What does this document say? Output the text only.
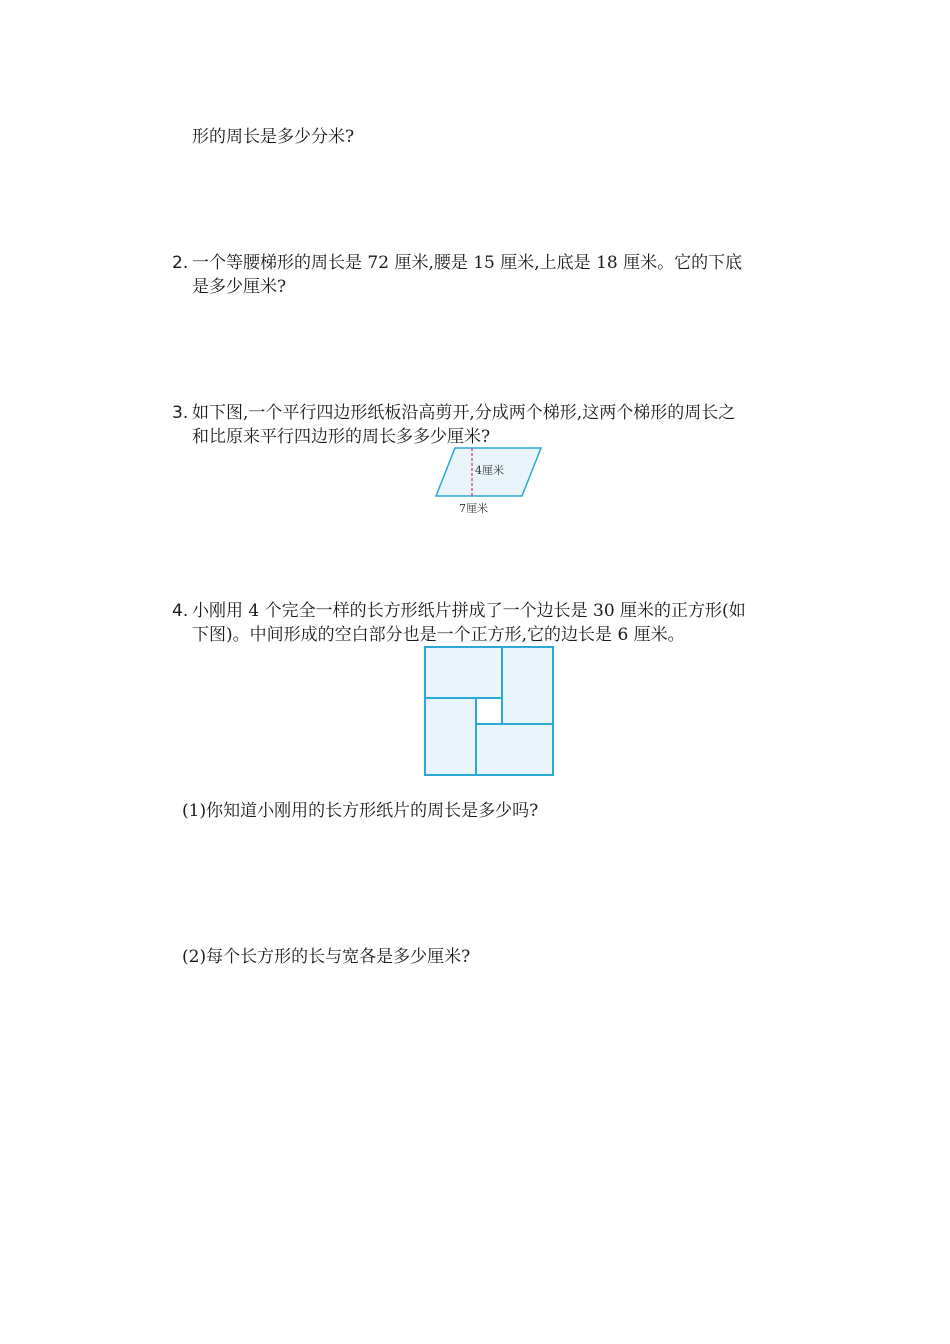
形的周长是多少分米?
2. 一个等腰梯形的周长是 72 厘米,腰是 15 厘米,上底是 18 厘米。它的下底
是多少厘米?
3. 如下图,一个平行四边形纸板沿高剪开,分成两个梯形,这两个梯形的周长之
和比原来平行四边形的周长多多少厘米?
4厘米
7厘米
4. 小刚用 4 个完全一样的长方形纸片拼成了一个边长是 30 厘米的正方形(如
下图)。中间形成的空白部分也是一个正方形,它的边长是 6 厘米。
(1)你知道小刚用的长方形纸片的周长是多少吗?
(2)每个长方形的长与宽各是多少厘米?
